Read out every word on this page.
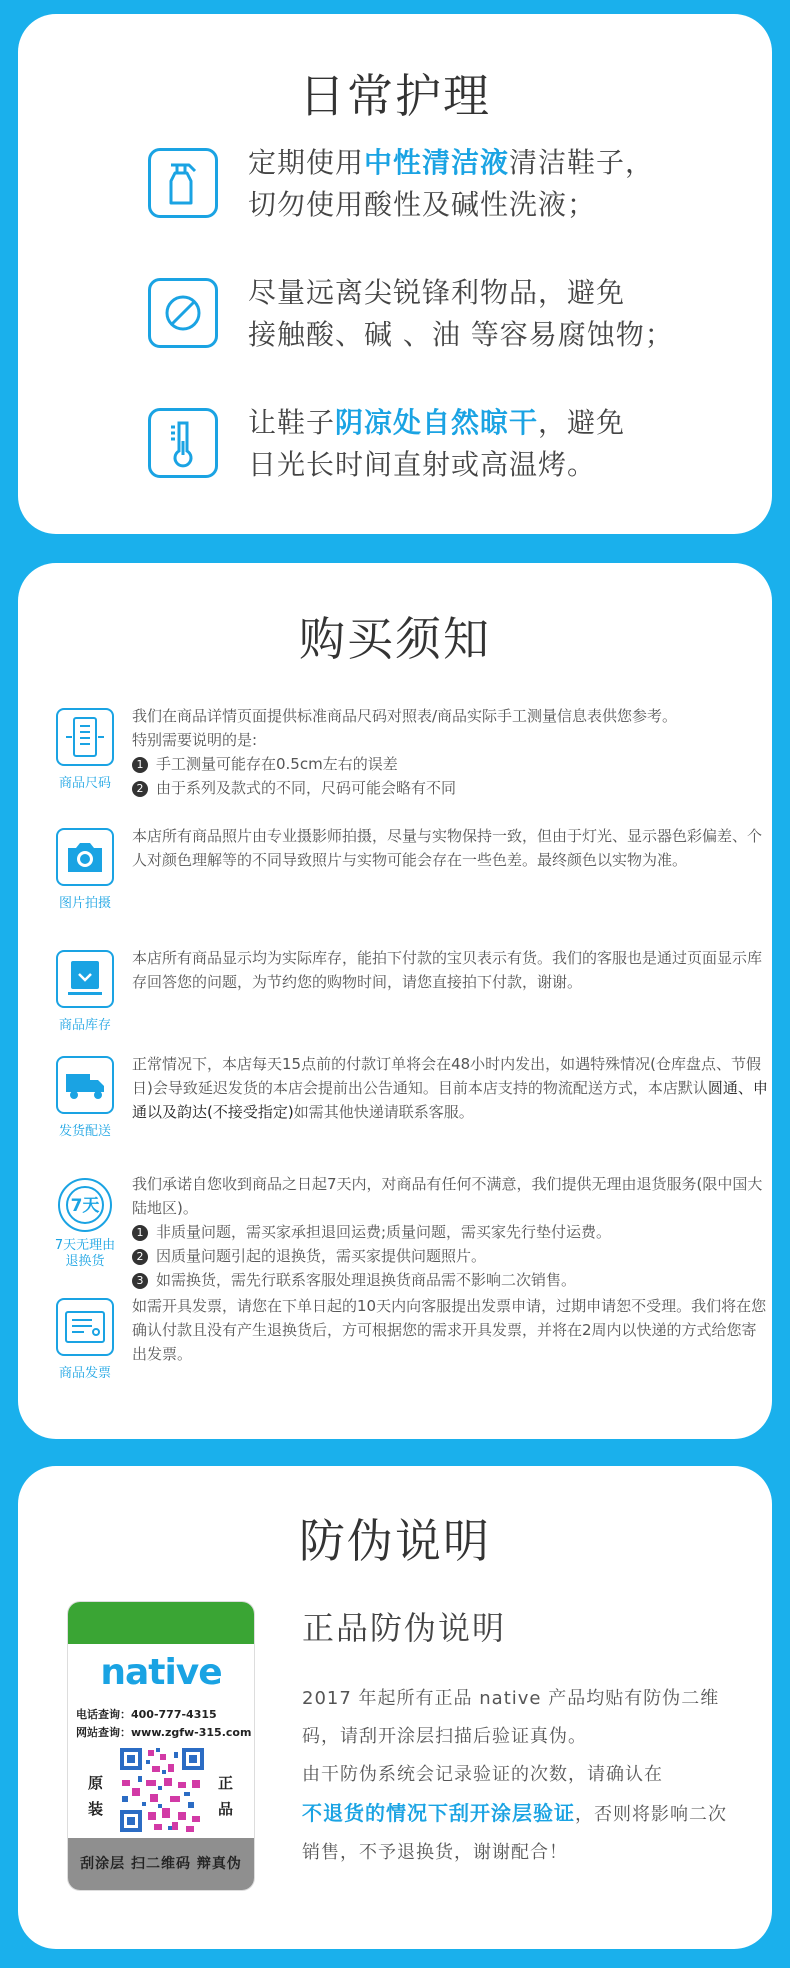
日常护理
定期使用中性清洁液清洁鞋子，
切勿使用酸性及碱性洗液；
尽量远离尖锐锋利物品，避免
接触酸、碱 、油 等容易腐蚀物；
让鞋子阴凉处自然晾干，避免
日光长时间直射或高温烤。
购买须知
商品尺码
我们在商品详情页面提供标准商品尺码对照表/商品实际手工测量信息表供您参考。
特别需要说明的是:
1 手工测量可能存在0.5cm左右的误差
2 由于系列及款式的不同，尺码可能会略有不同
图片拍摄
本店所有商品照片由专业摄影师拍摄，尽量与实物保持一致，但由于灯光、显示器色彩偏差、个人对颜色理解等的不同导致照片与实物可能会存在一些色差。最终颜色以实物为准。
商品库存
本店所有商品显示均为实际库存，能拍下付款的宝贝表示有货。我们的客服也是通过页面显示库存回答您的问题，为节约您的购物时间，请您直接拍下付款，谢谢。
发货配送
正常情况下，本店每天15点前的付款订单将会在48小时内发出，如遇特殊情况(仓库盘点、节假日)会导致延迟发货的本店会提前出公告通知。目前本店支持的物流配送方式，本店默认圆通、申通以及韵达(不接受指定)如需其他快递请联系客服。
7天
7天无理由
退换货
我们承诺自您收到商品之日起7天内，对商品有任何不满意，我们提供无理由退货服务(限中国大陆地区)。
1 非质量问题，需买家承担退回运费;质量问题，需买家先行垫付运费。
2 因质量问题引起的退换货，需买家提供问题照片。
3 如需换货，需先行联系客服处理退换货商品需不影响二次销售。
商品发票
如需开具发票，请您在下单日起的10天内向客服提出发票申请，过期申请恕不受理。我们将在您确认付款且没有产生退换货后，方可根据您的需求开具发票，并将在2周内以快递的方式给您寄出发票。
防伪说明
native
电话查询：400-777-4315
网站查询：www.zgfw-315.com
原装
正品
刮涂层 扫二维码 辩真伪
正品防伪说明
2017 年起所有正品 native 产品均贴有防伪二维码，请刮开涂层扫描后验证真伪。
由干防伪系统会记录验证的次数，请确认在
不退货的情况下刮开涂层验证，否则将影响二次销售，不予退换货，谢谢配合！
